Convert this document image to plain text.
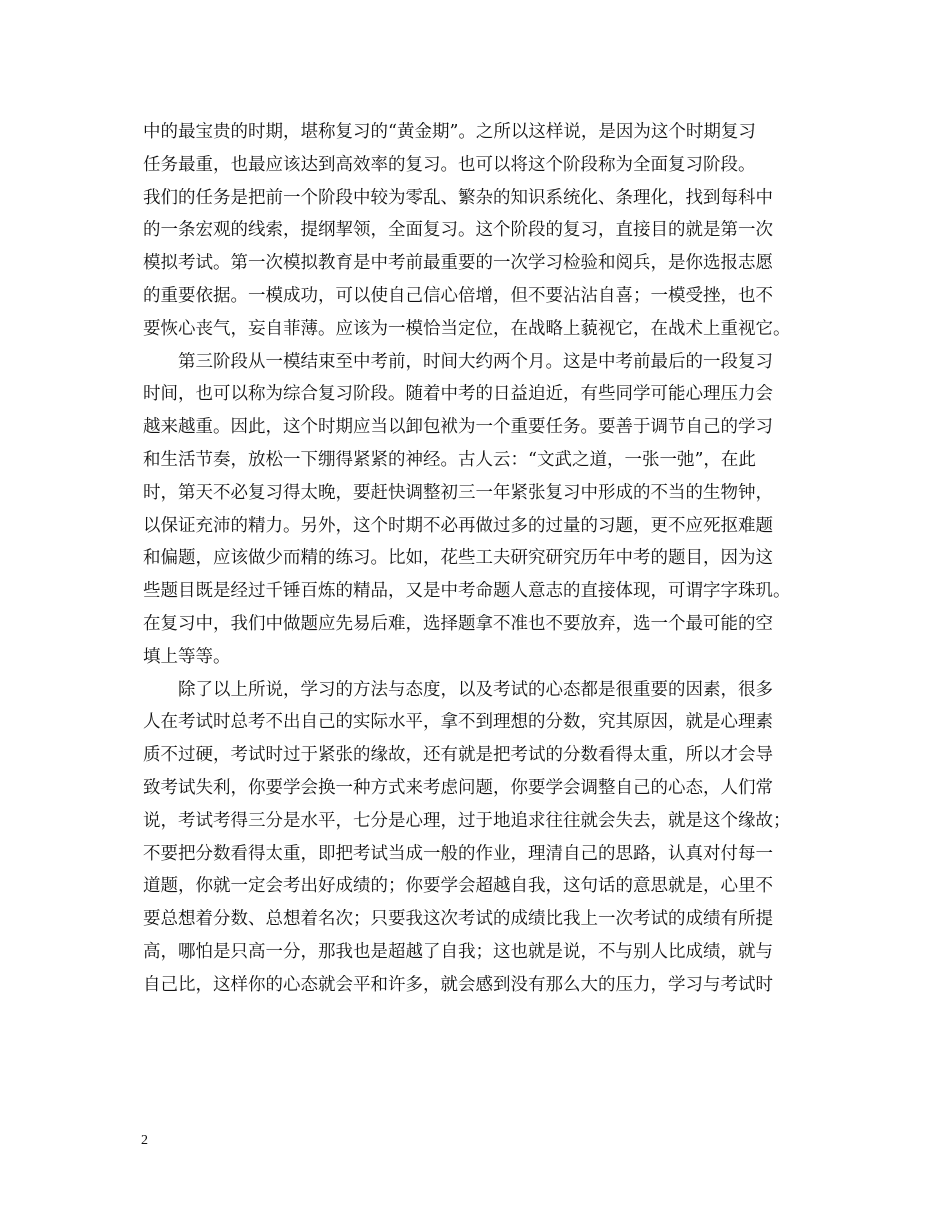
中的最宝贵的时期，堪称复习的“黄金期”。之所以这样说，是因为这个时期复习
任务最重，也最应该达到高效率的复习。也可以将这个阶段称为全面复习阶段。
我们的任务是把前一个阶段中较为零乱、繁杂的知识系统化、条理化，找到每科中
的一条宏观的线索，提纲挈领，全面复习。这个阶段的复习，直接目的就是第一次
模拟考试。第一次模拟教育是中考前最重要的一次学习检验和阅兵，是你选报志愿
的重要依据。一模成功，可以使自己信心倍增，但不要沾沾自喜；一模受挫，也不
要恢心丧气，妄自菲薄。应该为一模恰当定位，在战略上藐视它，在战术上重视它。
　　第三阶段从一模结束至中考前，时间大约两个月。这是中考前最后的一段复习
时间，也可以称为综合复习阶段。随着中考的日益迫近，有些同学可能心理压力会
越来越重。因此，这个时期应当以卸包袱为一个重要任务。要善于调节自己的学习
和生活节奏，放松一下绷得紧紧的神经。古人云：“文武之道，一张一弛”，在此
时，第天不必复习得太晚，要赶快调整初三一年紧张复习中形成的不当的生物钟，
以保证充沛的精力。另外，这个时期不必再做过多的过量的习题，更不应死抠难题
和偏题，应该做少而精的练习。比如，花些工夫研究研究历年中考的题目，因为这
些题目既是经过千锤百炼的精品，又是中考命题人意志的直接体现，可谓字字珠玑。
在复习中，我们中做题应先易后难，选择题拿不准也不要放弃，选一个最可能的空
填上等等。
　　除了以上所说，学习的方法与态度，以及考试的心态都是很重要的因素，很多
人在考试时总考不出自己的实际水平，拿不到理想的分数，究其原因，就是心理素
质不过硬，考试时过于紧张的缘故，还有就是把考试的分数看得太重，所以才会导
致考试失利，你要学会换一种方式来考虑问题，你要学会调整自己的心态，人们常
说，考试考得三分是水平，七分是心理，过于地追求往往就会失去，就是这个缘故；
不要把分数看得太重，即把考试当成一般的作业，理清自己的思路，认真对付每一
道题，你就一定会考出好成绩的；你要学会超越自我，这句话的意思就是，心里不
要总想着分数、总想着名次；只要我这次考试的成绩比我上一次考试的成绩有所提
高，哪怕是只高一分，那我也是超越了自我；这也就是说，不与别人比成绩，就与
自己比，这样你的心态就会平和许多，就会感到没有那么大的压力，学习与考试时
2
